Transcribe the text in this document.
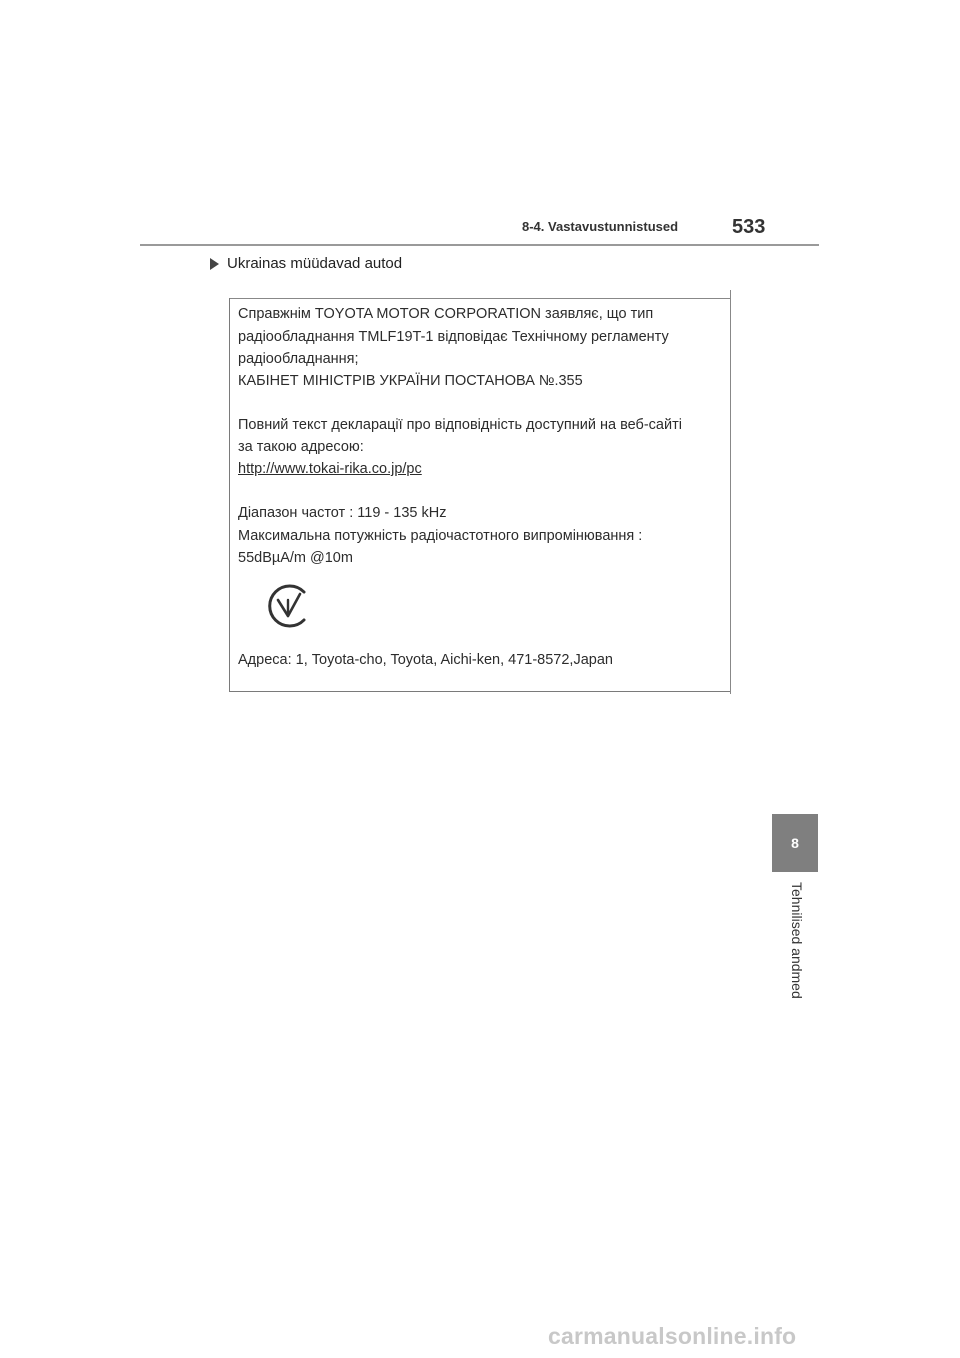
8-4. Vastavustunnistused	533
Ukrainas müüdavad autod
Справжнім TOYOTA MOTOR CORPORATION заявляє, що тип
радіообладнання TMLF19T-1 відповідає Технічному регламенту
радіообладнання;
КАБІНЕТ МІНІСТРІВ УКРАЇНИ ПОСТАНОВА №.355
Повний текст декларації про відповідність доступний на веб-сайті
за такою адресою:
http://www.tokai-rika.co.jp/pc
Діапазон частот : 119 - 135 kHz
Максимальна потужність радіочастотного випромінювання :
55dBµA/m @10m
Адреса: 1, Toyota-cho, Toyota, Aichi-ken, 471-8572,Japan
8
Tehnilised andmed
carmanualsonline.info
